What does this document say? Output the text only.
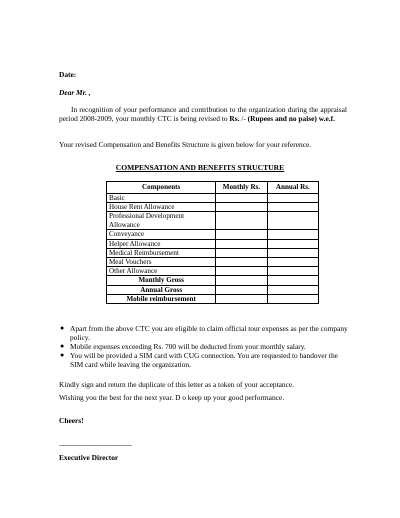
Date:
Dear Mr. ,
In recognition of your performance and contribution to the organization during the appraisal period 2008-2009, your monthly CTC is being revised to Rs. /- (Rupees and no paise) w.e.f.
Your revised Compensation and Benefits Structure is given below for your reference.
COMPENSATION AND BENEFITS STRUCTURE
Components	Monthly Rs.	Annual Rs.
Basic		
House Rent Allowance		
Professional Development Allowance		
Conveyance		
Helper Allowance		
Medical Reimbursement		
Meal Vouchers		
Other Allowance		
Monthly Gross		
Annual Gross		
Mobile reimbursement		
● Apart from the above CTC you are eligible to claim official tour expenses as per the company policy.
● Mobile expenses exceeding Rs. 700 will be deducted from your monthly salary.
● You will be provided a SIM card with CUG connection. You are requested to handover the SIM card while leaving the organization.
Kindly sign and return the duplicate of this letter as a token of your acceptance.
Wishing you the best for the next year. D o keep up your good performance.
Cheers!
---------------------------------------
Executive Director
